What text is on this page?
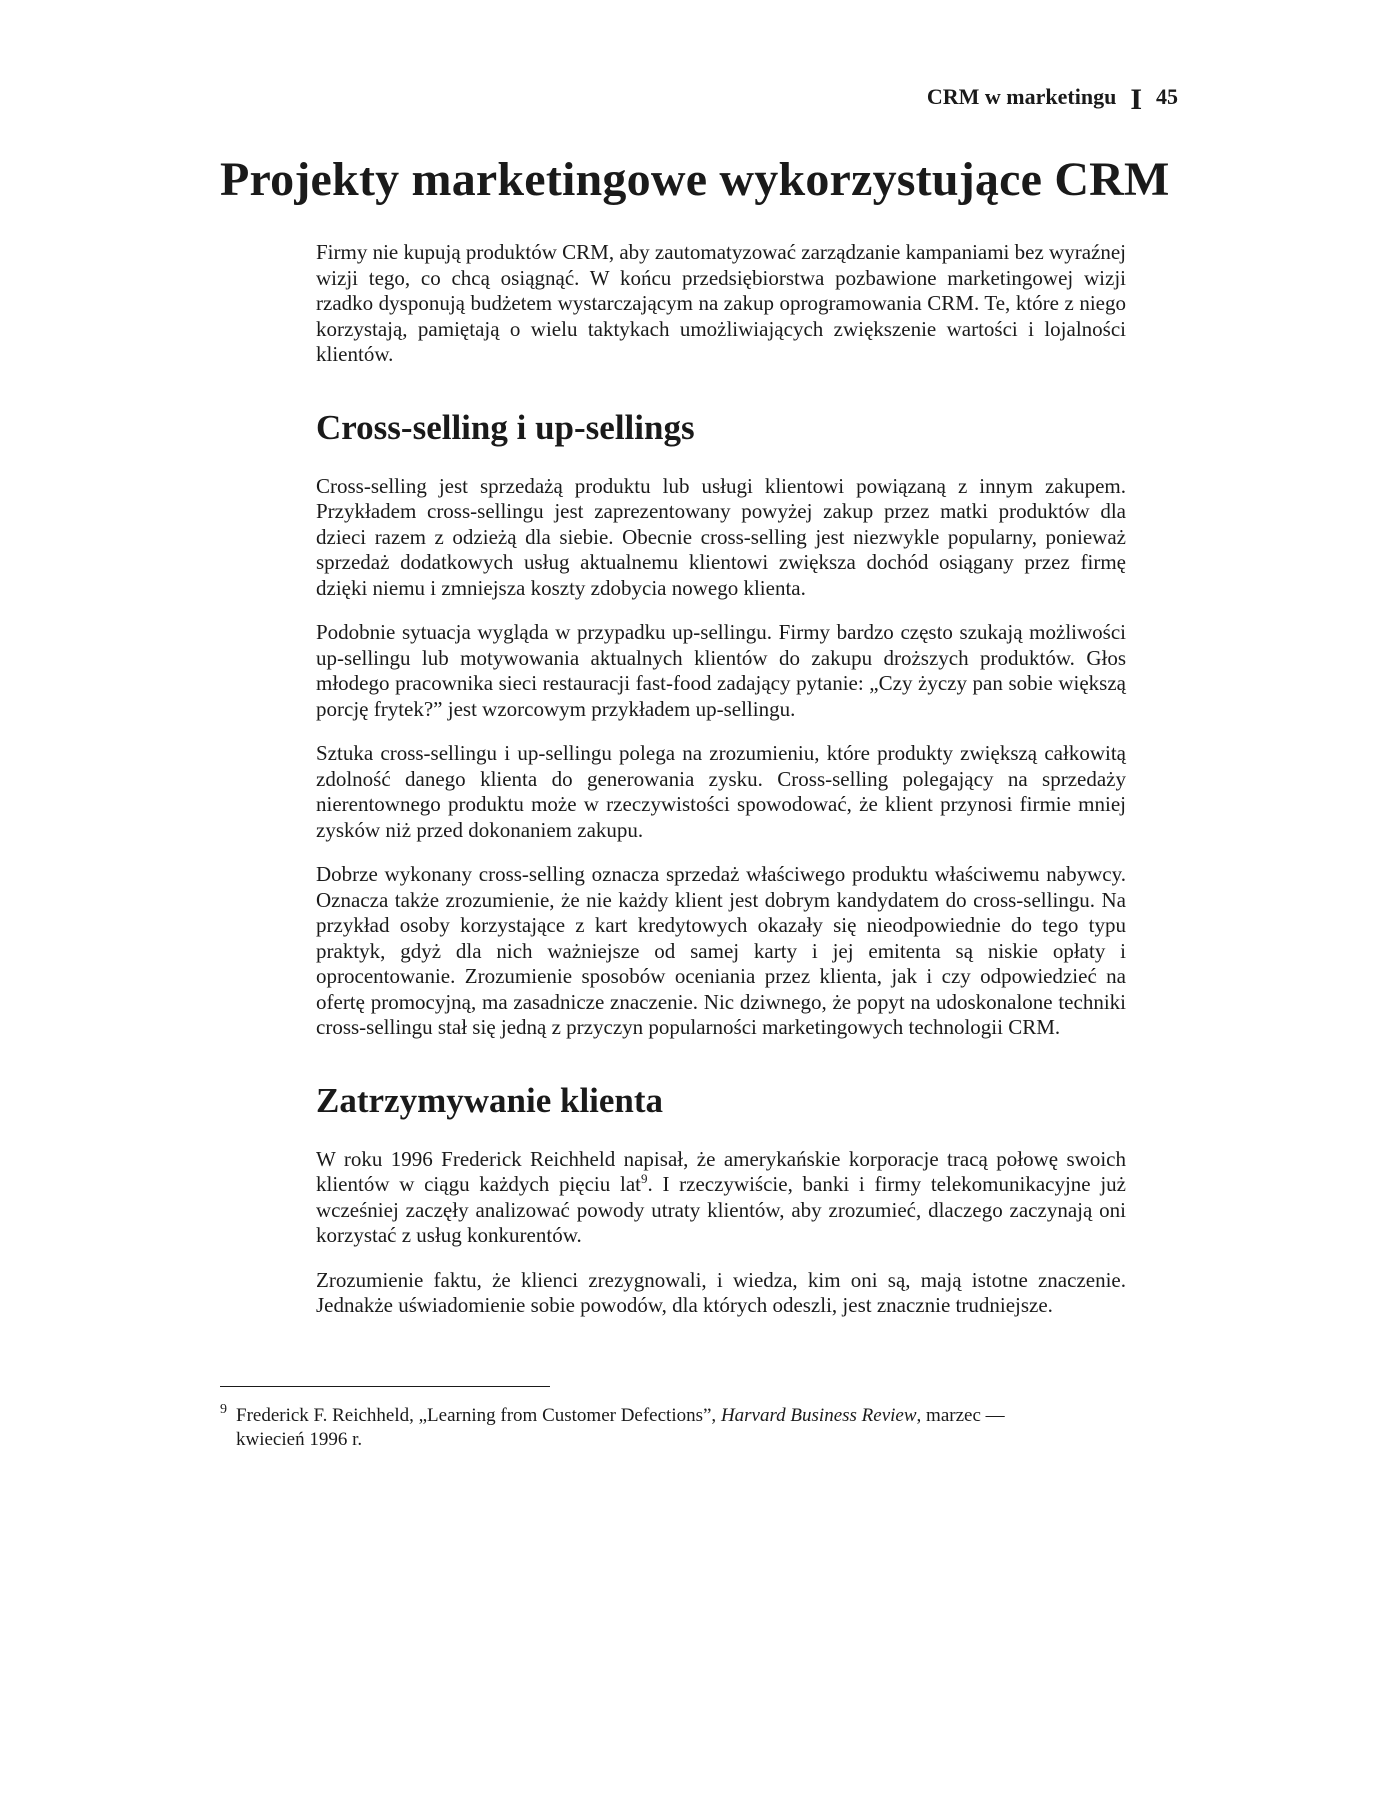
CRM w marketingu I 45
Projekty marketingowe wykorzystujące CRM

Firmy nie kupują produktów CRM, aby zautomatyzować zarządzanie kampaniami bez wyraźnej wizji tego, co chcą osiągnąć. W końcu przedsiębiorstwa pozbawione marketingowej wizji rzadko dysponują budżetem wystarczającym na zakup oprogramowania CRM. Te, które z niego korzystają, pamiętają o wielu taktykach umożliwiających zwiększenie wartości i lojalności klientów.

Cross-selling i up-sellings

Cross-selling jest sprzedażą produktu lub usługi klientowi powiązaną z innym zakupem. Przykładem cross-sellingu jest zaprezentowany powyżej zakup przez matki produktów dla dzieci razem z odzieżą dla siebie. Obecnie cross-selling jest niezwykle popularny, ponieważ sprzedaż dodatkowych usług aktualnemu klientowi zwiększa dochód osiągany przez firmę dzięki niemu i zmniejsza koszty zdobycia nowego klienta.

Podobnie sytuacja wygląda w przypadku up-sellingu. Firmy bardzo często szukają możliwości up-sellingu lub motywowania aktualnych klientów do zakupu droższych produktów. Głos młodego pracownika sieci restauracji fast-food zadający pytanie: „Czy życzy pan sobie większą porcję frytek?” jest wzorcowym przykładem up-sellingu.

Sztuka cross-sellingu i up-sellingu polega na zrozumieniu, które produkty zwiększą całkowitą zdolność danego klienta do generowania zysku. Cross-selling polegający na sprzedaży nierentownego produktu może w rzeczywistości spowodować, że klient przynosi firmie mniej zysków niż przed dokonaniem zakupu.

Dobrze wykonany cross-selling oznacza sprzedaż właściwego produktu właściwemu nabywcy. Oznacza także zrozumienie, że nie każdy klient jest dobrym kandydatem do cross-sellingu. Na przykład osoby korzystające z kart kredytowych okazały się nieodpowiednie do tego typu praktyk, gdyż dla nich ważniejsze od samej karty i jej emitenta są niskie opłaty i oprocentowanie. Zrozumienie sposobów oceniania przez klienta, jak i czy odpowiedzieć na ofertę promocyjną, ma zasadnicze znaczenie. Nic dziwnego, że popyt na udoskonalone techniki cross-sellingu stał się jedną z przyczyn popularności marketingowych technologii CRM.

Zatrzymywanie klienta

W roku 1996 Frederick Reichheld napisał, że amerykańskie korporacje tracą połowę swoich klientów w ciągu każdych pięciu lat$^9$. I rzeczywiście, banki i firmy telekomunikacyjne już wcześniej zaczęły analizować powody utraty klientów, aby zrozumieć, dlaczego zaczynają oni korzystać z usług konkurentów.

Zrozumienie faktu, że klienci zrezygnowali, i wiedza, kim oni są, mają istotne znaczenie. Jednakże uświadomienie sobie powodów, dla których odeszli, jest znacznie trudniejsze.

9 Frederick F. Reichheld, „Learning from Customer Defections”, Harvard Business Review, marzec — kwiecień 1996 r.
